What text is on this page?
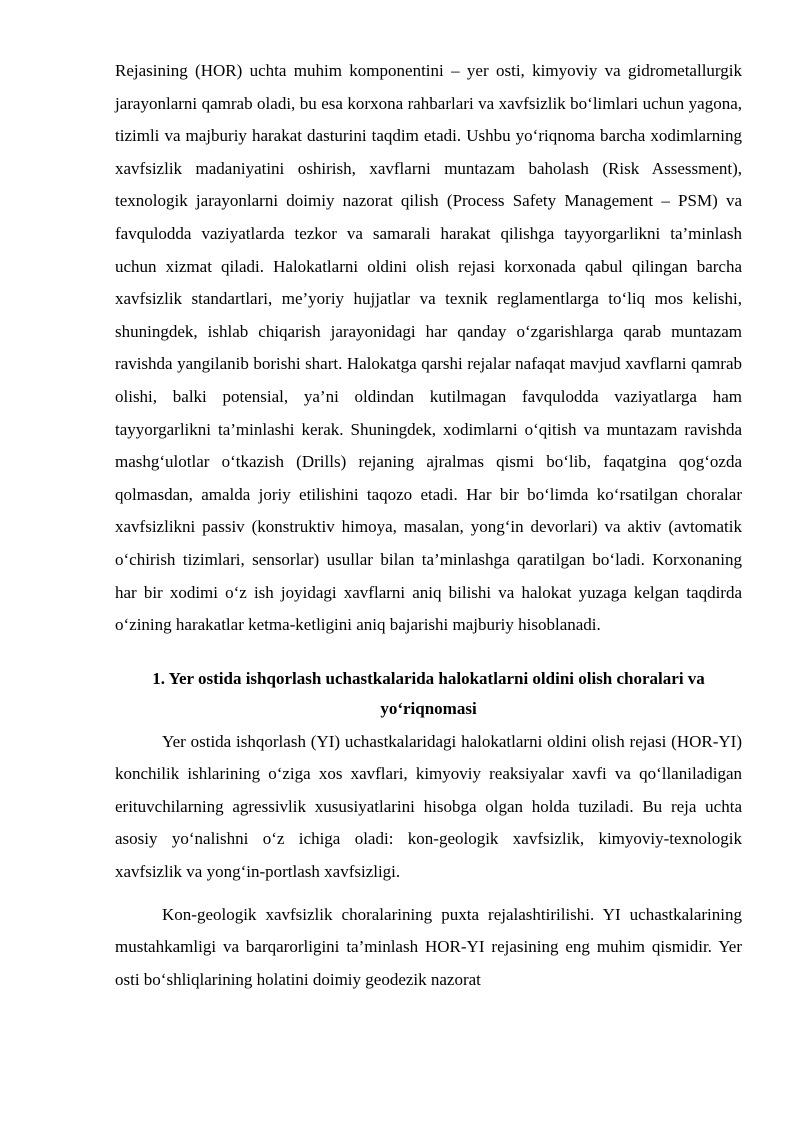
Rejasining (HOR) uchta muhim komponentini – yer osti, kimyoviy va gidrometallurgik jarayonlarni qamrab oladi, bu esa korxona rahbarlari va xavfsizlik bo‘limlari uchun yagona, tizimli va majburiy harakat dasturini taqdim etadi. Ushbu yo‘riqnoma barcha xodimlarning xavfsizlik madaniyatini oshirish, xavflarni muntazam baholash (Risk Assessment), texnologik jarayonlarni doimiy nazorat qilish (Process Safety Management – PSM) va favqulodda vaziyatlarda tezkor va samarali harakat qilishga tayyorgarlikni ta’minlash uchun xizmat qiladi. Halokatlarni oldini olish rejasi korxonada qabul qilingan barcha xavfsizlik standartlari, me’yoriy hujjatlar va texnik reglamentlarga to‘liq mos kelishi, shuningdek, ishlab chiqarish jarayonidagi har qanday o‘zgarishlarga qarab muntazam ravishda yangilanib borishi shart. Halokatga qarshi rejalar nafaqat mavjud xavflarni qamrab olishi, balki potensial, ya’ni oldindan kutilmagan favqulodda vaziyatlarga ham tayyorgarlikni ta’minlashi kerak. Shuningdek, xodimlarni o‘qitish va muntazam ravishda mashg‘ulotlar o‘tkazish (Drills) rejaning ajralmas qismi bo‘lib, faqatgina qog‘ozda qolmasdan, amalda joriy etilishini taqozo etadi. Har bir bo‘limda ko‘rsatilgan choralar xavfsizlikni passiv (konstruktiv himoya, masalan, yong‘in devorlari) va aktiv (avtomatik o‘chirish tizimlari, sensorlar) usullar bilan ta’minlashga qaratilgan bo‘ladi. Korxonaning har bir xodimi o‘z ish joyidagi xavflarni aniq bilishi va halokat yuzaga kelgan taqdirda o‘zining harakatlar ketma-ketligini aniq bajarishi majburiy hisoblanadi.

1. Yer ostida ishqorlash uchastkalarida halokatlarni oldini olish choralari va yo‘riqnomasi

Yer ostida ishqorlash (YI) uchastkalaridagi halokatlarni oldini olish rejasi (HOR-YI) konchilik ishlarining o‘ziga xos xavflari, kimyoviy reaksiyalar xavfi va qo‘llaniladigan erituvchilarning agressivlik xususiyatlarini hisobga olgan holda tuziladi. Bu reja uchta asosiy yo‘nalishni o‘z ichiga oladi: kon-geologik xavfsizlik, kimyoviy-texnologik xavfsizlik va yong‘in-portlash xavfsizligi.

Kon-geologik xavfsizlik choralarining puxta rejalashtirilishi. YI uchastkalarining mustahkamligi va barqarorligini ta’minlash HOR-YI rejasining eng muhim qismidir. Yer osti bo‘shliqlarining holatini doimiy geodezik nazorat
